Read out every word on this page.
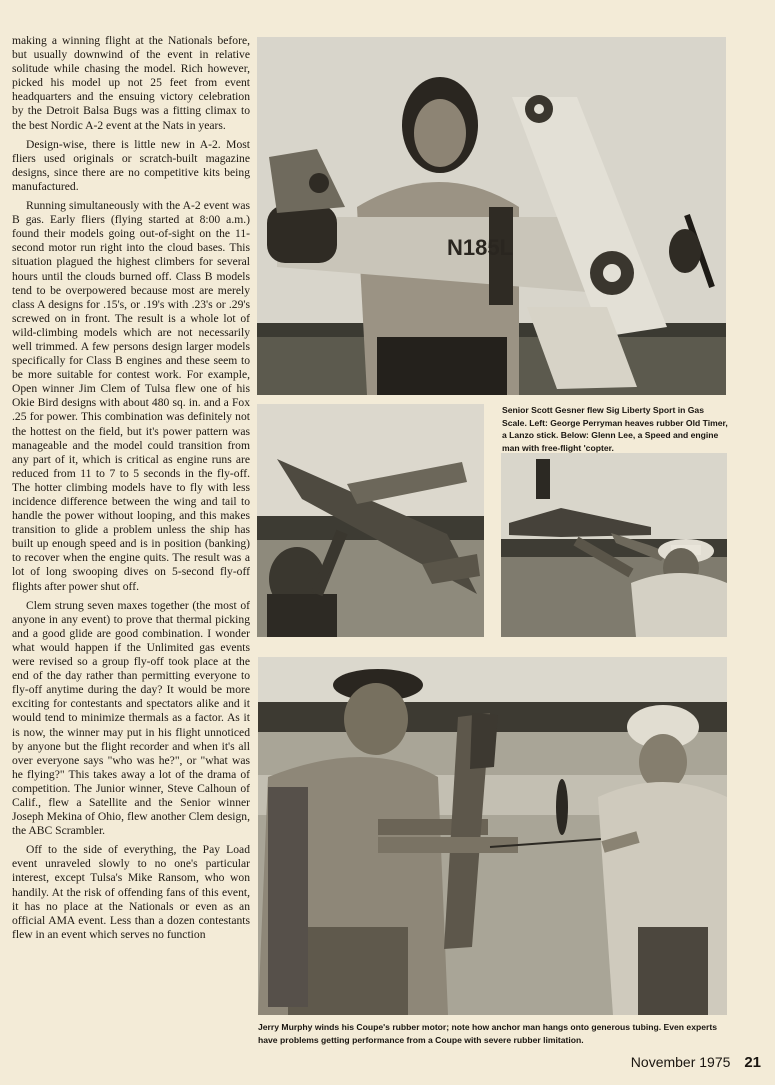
making a winning flight at the Nationals before, but usually downwind of the event in relative solitude while chasing the model. Rich however, picked his model up not 25 feet from event headquarters and the ensuing victory celebration by the Detroit Balsa Bugs was a fitting climax to the best Nordic A-2 event at the Nats in years.

Design-wise, there is little new in A-2. Most fliers used originals or scratch-built magazine designs, since there are no competitive kits being manufactured.

Running simultaneously with the A-2 event was B gas. Early fliers (flying started at 8:00 a.m.) found their models going out-of-sight on the 11-second motor run right into the cloud bases. This situation plagued the highest climbers for several hours until the clouds burned off. Class B models tend to be overpowered because most are merely class A designs for .15's, or .19's with .23's or .29's screwed on in front. The result is a whole lot of wild-climbing models which are not necessarily well trimmed. A few persons design larger models specifically for Class B engines and these seem to be more suitable for contest work. For example, Open winner Jim Clem of Tulsa flew one of his Okie Bird designs with about 480 sq. in. and a Fox .25 for power. This combination was definitely not the hottest on the field, but it's power pattern was manageable and the model could transition from any part of it, which is critical as engine runs are reduced from 11 to 7 to 5 seconds in the fly-off. The hotter climbing models have to fly with less incidence difference between the wing and tail to handle the power without looping, and this makes transition to glide a problem unless the ship has built up enough speed and is in position (banking) to recover when the engine quits. The result was a lot of long swooping dives on 5-second fly-off flights after power shut off.

Clem strung seven maxes together (the most of anyone in any event) to prove that thermal picking and a good glide are good combination. I wonder what would happen if the Unlimited gas events were revised so a group fly-off took place at the end of the day rather than permitting everyone to fly-off anytime during the day? It would be more exciting for contestants and spectators alike and it would tend to minimize thermals as a factor. As it is now, the winner may put in his flight unnoticed by anyone but the flight recorder and when it's all over everyone says "who was he?", or "what was he flying?" This takes away a lot of the drama of competition. The Junior winner, Steve Calhoun of Calif., flew a Satellite and the Senior winner Joseph Mekina of Ohio, flew another Clem design, the ABC Scrambler.

Off to the side of everything, the Pay Load event unraveled slowly to no one's particular interest, except Tulsa's Mike Ransom, who won handily. At the risk of offending fans of this event, it has no place at the Nationals or even as an official AMA event. Less than a dozen contestants flew in an event which serves no function

N185L
Senior Scott Gesner flew Sig Liberty Sport in Gas Scale. Left: George Perryman heaves rubber Old Timer, a Lanzo stick. Below: Glenn Lee, a Speed and engine man with free-flight 'copter.
Jerry Murphy winds his Coupe's rubber motor; note how anchor man hangs onto generous tubing. Even experts have problems getting performance from a Coupe with severe rubber limitation.
November 1975 21
